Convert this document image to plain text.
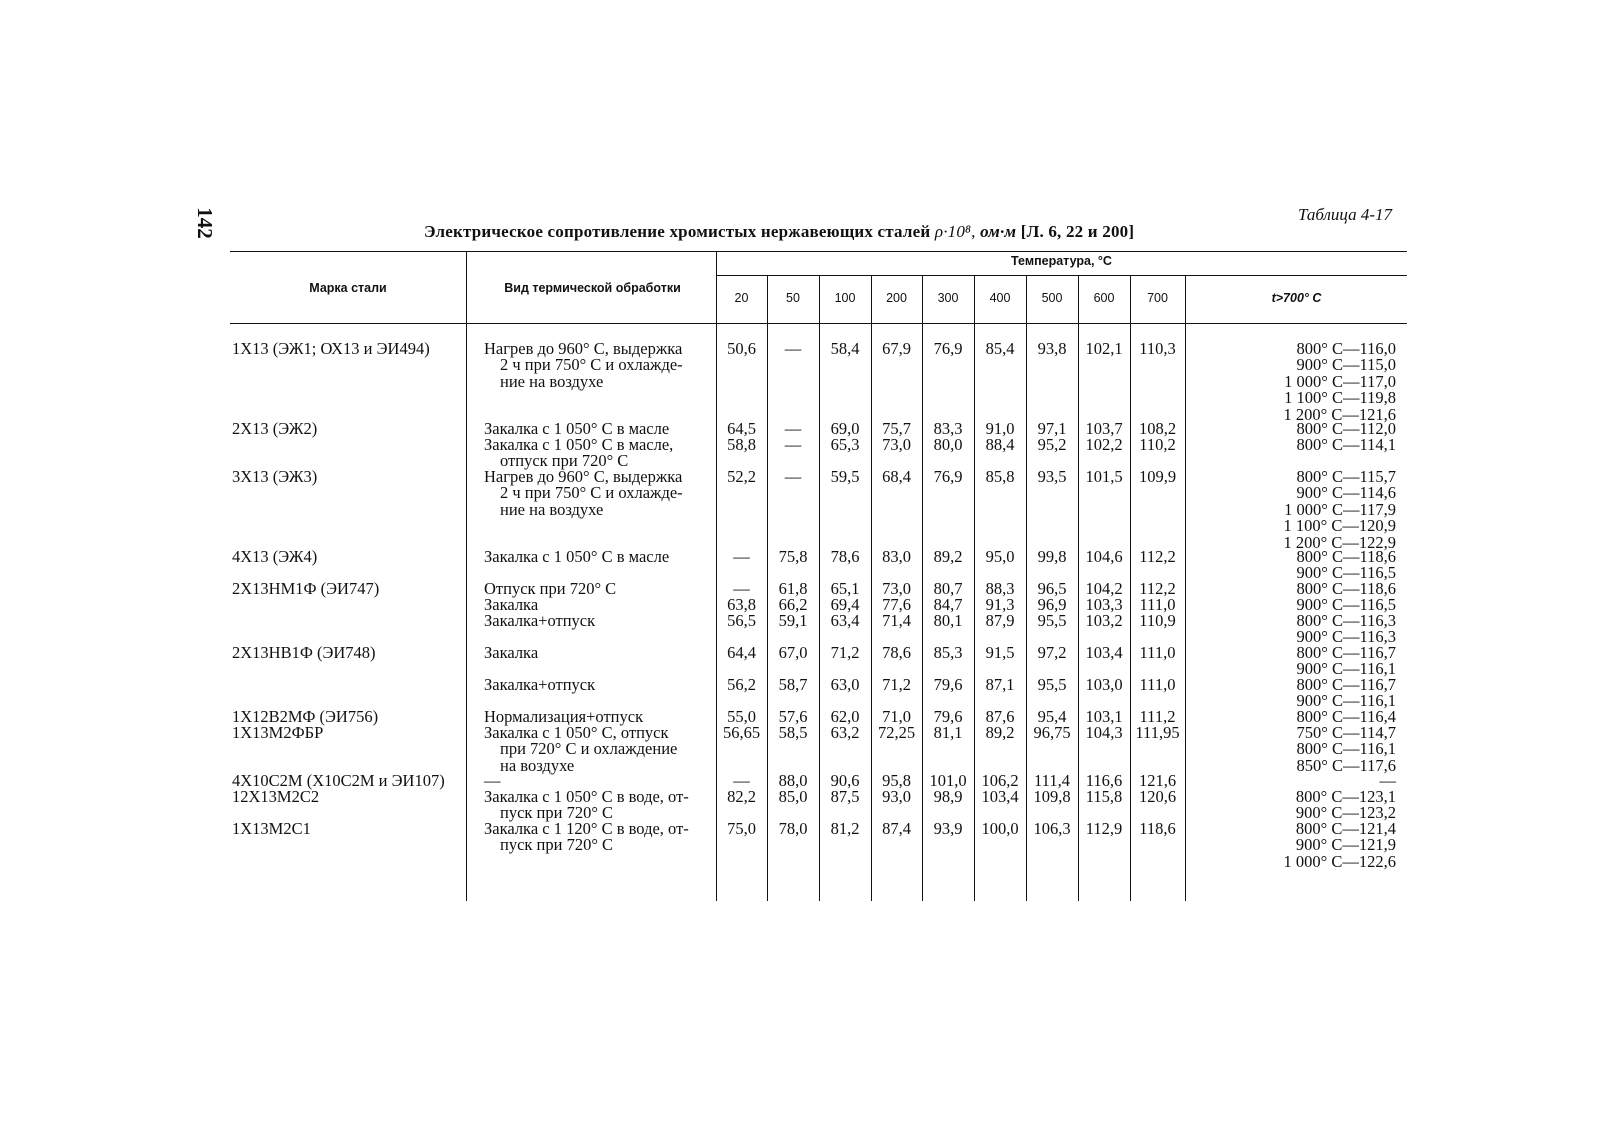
142	Таблица 4-17
Электрическое сопротивление хромистых нержавеющих сталей ρ·10⁸, ом·м [Л. 6, 22 и 200]
Марка стали	Вид термической обработки
Температура, °С
20	50	100	200	300	400	500	600	700	t>700° C
1Х13 (ЭЖ1; ОХ13 и ЭИ494)	Нагрев до 960° С, выдержка
2 ч при 750° С и охлажде-
ние на воздухе
50,6	—	58,4	67,9	76,9	85,4	93,8	102,1	110,3	800° С—116,0
900° С—115,0
1 000° С—117,0
1 100° С—119,8
1 200° С—121,6
2Х13 (ЭЖ2)	Закалка с 1 050° С в масле	64,5	—	69,0	75,7	83,3	91,0	97,1	103,7 108,2	800° С—112,0
Закалка с 1 050° С в масле,
отпуск при 720° С
58,8	—	65,3	73,0	80,0	88,4	95,2	102,2	110,2	800° С—114,1
3Х13 (ЭЖ3)	Нагрев до 960° С, выдержка
2 ч при 750° С и охлажде-
ние на воздухе
52,2	—	59,5	68,4	76,9	85,8	93,5	101,5 109,9	800° С—115,7
900° С—114,6
1 000° С—117,9
1 100° С—120,9
1 200° С—122,9
4Х13 (ЭЖ4)	Закалка с 1 050° С в масле	—	75,8	78,6	83,0	89,2	95,0	99,8	104,6	112,2	800° С—118,6
900° С—116,5
2Х13НМ1Ф (ЭИ747)	Отпуск при 720° С	—	61,8	65,1	73,0	80,7	88,3	96,5	104,2	112,2	800° С—118,6
Закалка	63,8	66,2	69,4	77,6	84,7	91,3	96,9	103,3	111,0	900° С—116,5
Закалка+отпуск	56,5	59,1	63,4	71,4	80,1	87,9	95,5	103,2	110,9	800° С—116,3
900° С—116,3
2Х13НВ1Ф (ЭИ748)	Закалка	64,4	67,0	71,2	78,6	85,3	91,5	97,2	103,4	111,0	800° С—116,7
900° С—116,1
Закалка+отпуск	56,2	58,7	63,0	71,2	79,6	87,1	95,5	103,0	111,0	800° С—116,7
900° С—116,1
1Х12В2МФ (ЭИ756)	Нормализация+отпуск	55,0	57,6	62,0	71,0	79,6	87,6	95,4	103,1	111,2	800° С—116,4
1Х13М2ФБР	Закалка с 1 050° С, отпуск
при 720° С и охлаждение
на воздухе
56,65	58,5	63,2	72,25	81,1	89,2	96,75 104,3 111,95	750° С—114,7
800° С—116,1
850° С—117,6
4Х10С2М (Х10С2М и ЭИ107) —	—	88,0	90,6	95,8	101,0 106,2 111,4 116,6	121,6	—
12Х13М2С2	Закалка с 1 050° С в воде, от-
пуск при 720° С
82,2	85,0	87,5	93,0	98,9	103,4 109,8 115,8	120,6	800° С—123,1
900° С—123,2
1Х13М2С1	Закалка с 1 120° С в воде, от-
пуск при 720° С
75,0	78,0	81,2	87,4	93,9	100,0 106,3 112,9	118,6	800° С—121,4
900° С—121,9
1 000° С—122,6
